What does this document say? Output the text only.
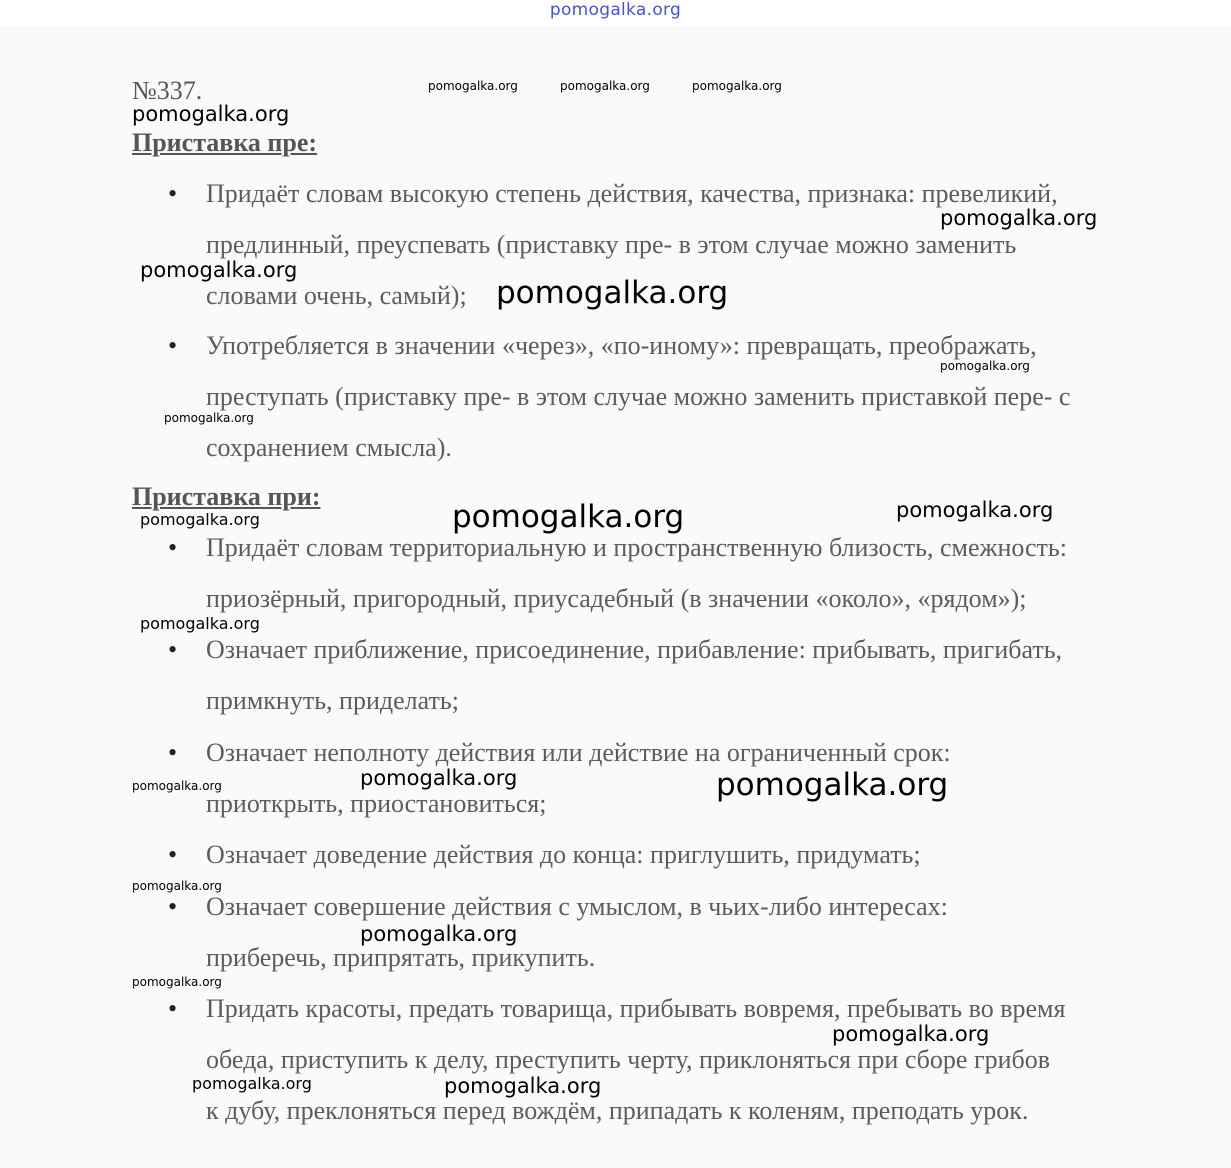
pomogalka.org
№337.
Приставка пре:
• Придаёт словам высокую степень действия, качества, признака: превеликий,

предлинный, преуспевать (приставку пре- в этом случае можно заменить

словами очень, самый);

• Употребляется в значении «через», «по-иному»: превращать, преображать,

преступать (приставку пре- в этом случае можно заменить приставкой пере- с

сохранением смысла).

Приставка при:
• Придаёт словам территориальную и пространственную близость, смежность:

приозёрный, пригородный, приусадебный (в значении «около», «рядом»);

• Означает приближение, присоединение, прибавление: прибывать, пригибать,

примкнуть, приделать;

• Означает неполноту действия или действие на ограниченный срок:

приоткрыть, приостановиться;

• Означает доведение действия до конца: приглушить, придумать;

• Означает совершение действия с умыслом, в чьих-либо интересах:

приберечь, припрятать, прикупить.

• Придать красоты, предать товарища, прибывать вовремя, пребывать во время

обеда, приступить к делу, преступить черту, приклоняться при сборе грибов

к дубу, преклоняться перед вождём, припадать к коленям, преподать урок.

pomogalka.org	pomogalka.org	pomogalka.org
pomogalka.org
pomogalka.org
pomogalka.org
pomogalka.org
pomogalka.org
pomogalka.org
pomogalka.org	pomogalka.org
pomogalka.org
pomogalka.org
pomogalka.org	pomogalka.org
pomogalka.org
pomogalka.org
pomogalka.org
pomogalka.org
pomogalka.org
pomogalka.org	pomogalka.org
